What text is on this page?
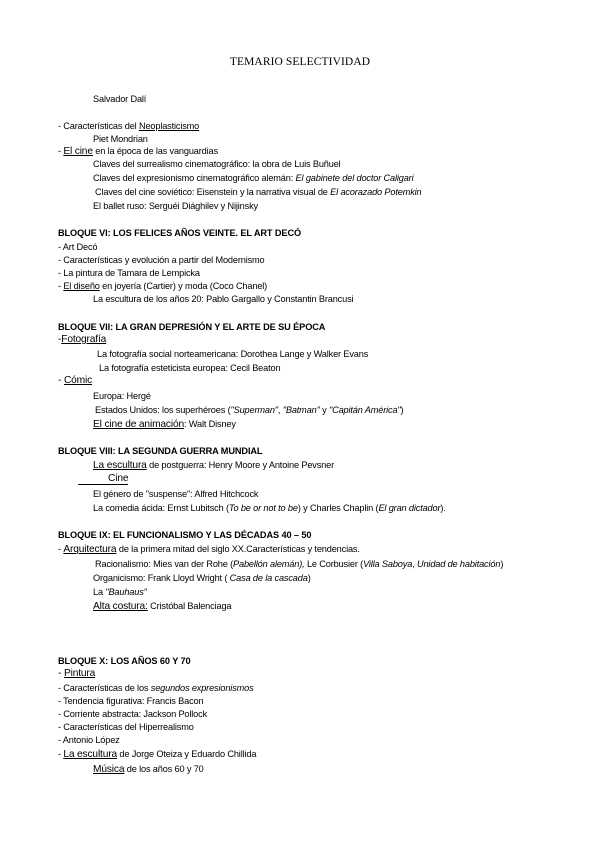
TEMARIO SELECTIVIDAD
Salvador Dalí
- Características del Neoplasticismo
Piet Mondrian
- El cine en la época de las vanguardias
Claves del surrealismo cinematográfico: la obra de Luis Buñuel
Claves del expresionismo cinematográfico alemán: El gabinete del doctor Caligari
Claves del cine soviético: Eisenstein y la narrativa visual de El acorazado Potemkin
El ballet ruso: Serguéi Diághilev y Nijinsky
BLOQUE VI: LOS FELICES AÑOS VEINTE. EL ART DECÓ
- Art Decó
- Características y evolución a partir del Modernismo
- La pintura de Tamara de Lempicka
- El diseño en joyería (Cartier) y moda (Coco Chanel)
La escultura de los años 20: Pablo Gargallo y Constantin Brancusi
BLOQUE VII: LA GRAN DEPRESIÓN Y EL ARTE DE SU ÉPOCA
-Fotografía
La fotografía social norteamericana: Dorothea Lange y Walker Evans
La fotografía esteticista europea: Cecil Beaton
- Cómic
Europa: Hergé
Estados Unidos: los superhéroes ("Superman", "Batman" y "Capitán América")
El cine de animación: Walt Disney
BLOQUE VIII: LA SEGUNDA GUERRA MUNDIAL
La escultura de postguerra: Henry Moore y Antoine Pevsner
Cine
El género de "suspense": Alfred Hitchcock
La comedia ácida: Ernst Lubitsch (To be or not to be) y Charles Chaplin (El gran dictador).
BLOQUE IX: EL FUNCIONALISMO Y LAS DÉCADAS 40 – 50
- Arquitectura de la primera mitad del siglo XX.Características y tendencias.
Racionalismo: Mies van der Rohe (Pabellón alemán), Le Corbusier (Villa Saboya, Unidad de habitación)
Organicismo: Frank Lloyd Wright ( Casa de la cascada)
La "Bauhaus"
Alta costura: Cristóbal Balenciaga
BLOQUE X: LOS AÑOS 60 Y 70
- Pintura
- Características de los segundos expresionismos
- Tendencia figurativa: Francis Bacon
- Corriente abstracta: Jackson Pollock
- Características del Hiperrealismo
- Antonio López
- La escultura de Jorge Oteiza y Eduardo Chillida
Música de los años 60 y 70
